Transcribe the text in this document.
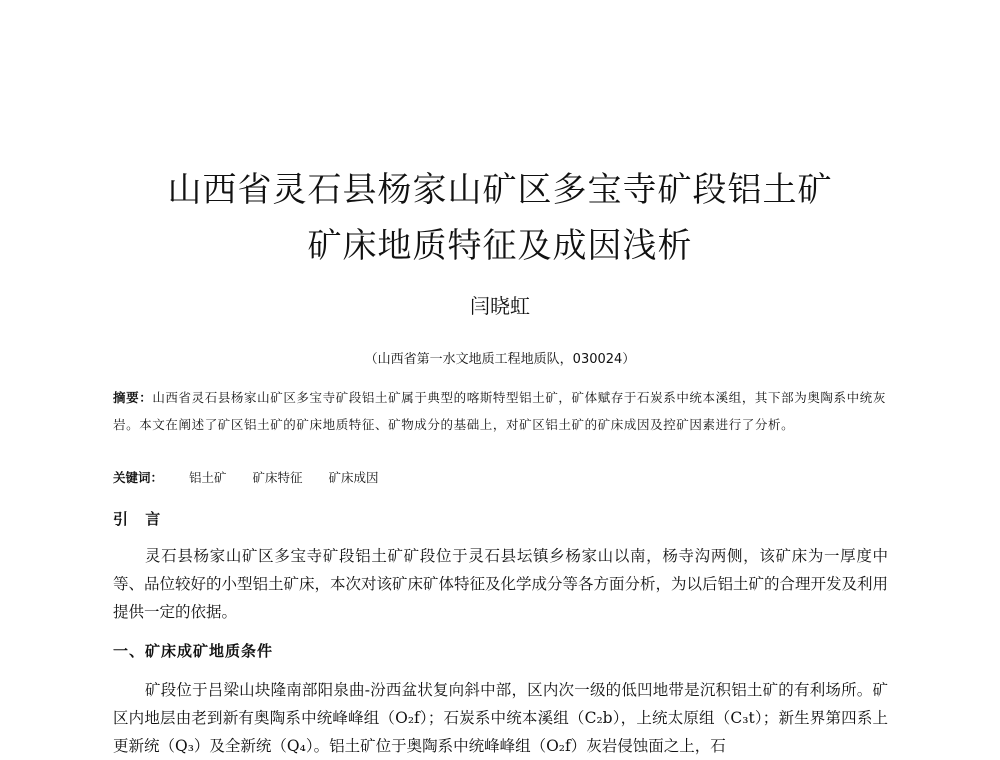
山西省灵石县杨家山矿区多宝寺矿段铝土矿
矿床地质特征及成因浅析
闫晓虹
（山西省第一水文地质工程地质队，030024）
摘要：山西省灵石县杨家山矿区多宝寺矿段铝土矿属于典型的喀斯特型铝土矿，矿体赋存于石炭系中统本溪组，其下部为奥陶系中统灰岩。本文在阐述了矿区铝土矿的矿床地质特征、矿物成分的基础上，对矿区铝土矿的矿床成因及控矿因素进行了分析。
关键词： 铝土矿 矿床特征 矿床成因
引 言
灵石县杨家山矿区多宝寺矿段铝土矿矿段位于灵石县坛镇乡杨家山以南，杨寺沟两侧，该矿床为一厚度中等、品位较好的小型铝土矿床，本次对该矿床矿体特征及化学成分等各方面分析，为以后铝土矿的合理开发及利用提供一定的依据。
一、矿床成矿地质条件
矿段位于吕梁山块隆南部阳泉曲-汾西盆状复向斜中部，区内次一级的低凹地带是沉积铝土矿的有利场所。矿区内地层由老到新有奥陶系中统峰峰组（O₂f）；石炭系中统本溪组（C₂b），上统太原组（C₃t）；新生界第四系上更新统（Q₃）及全新统（Q₄）。铝土矿位于奥陶系中统峰峰组（O₂f）灰岩侵蚀面之上，石
